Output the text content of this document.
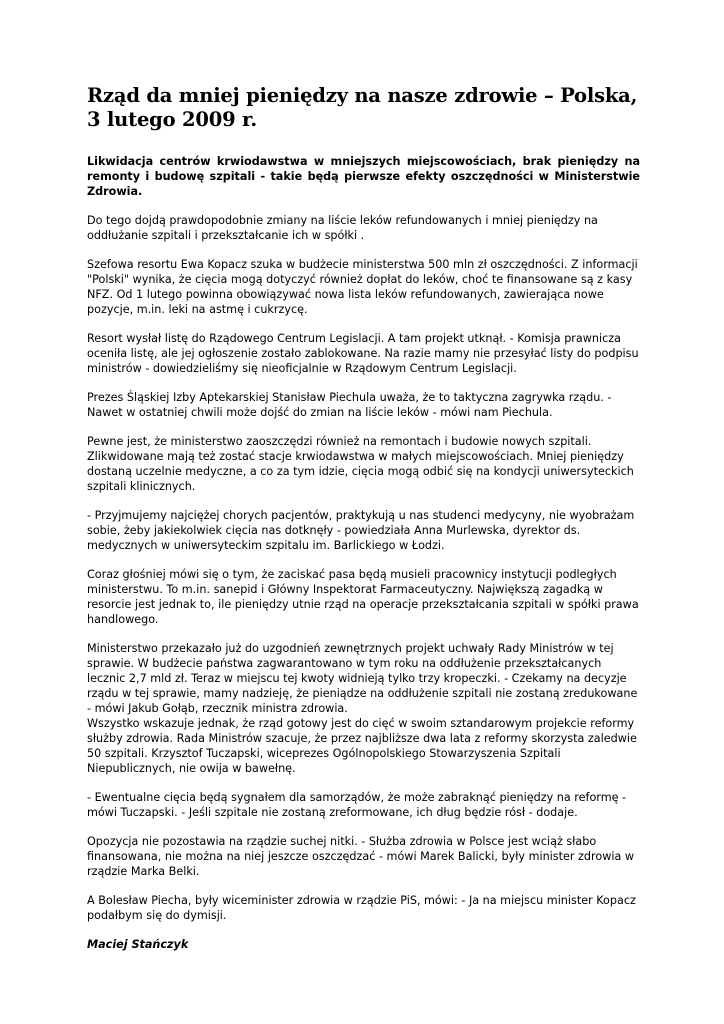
Rząd da mniej pieniędzy na nasze zdrowie – Polska,
3 lutego 2009 r.

Likwidacja centrów krwiodawstwa w mniejszych miejscowościach, brak pieniędzy na remonty i budowę szpitali - takie będą pierwsze efekty oszczędności w Ministerstwie Zdrowia.

Do tego dojdą prawdopodobnie zmiany na liście leków refundowanych i mniej pieniędzy na oddłużanie szpitali i przekształcanie ich w spółki .

Szefowa resortu Ewa Kopacz szuka w budżecie ministerstwa 500 mln zł oszczędności. Z informacji "Polski" wynika, że cięcia mogą dotyczyć również dopłat do leków, choć te finansowane są z kasy NFZ. Od 1 lutego powinna obowiązywać nowa lista leków refundowanych, zawierająca nowe pozycje, m.in. leki na astmę i cukrzycę.

Resort wysłał listę do Rządowego Centrum Legislacji. A tam projekt utknął. - Komisja prawnicza oceniła listę, ale jej ogłoszenie zostało zablokowane. Na razie mamy nie przesyłać listy do podpisu ministrów - dowiedzieliśmy się nieoficjalnie w Rządowym Centrum Legislacji.

Prezes Śląskiej Izby Aptekarskiej Stanisław Piechula uważa, że to taktyczna zagrywka rządu. - Nawet w ostatniej chwili może dojść do zmian na liście leków - mówi nam Piechula.

Pewne jest, że ministerstwo zaoszczędzi również na remontach i budowie nowych szpitali. Zlikwidowane mają też zostać stacje krwiodawstwa w małych miejscowościach. Mniej pieniędzy dostaną uczelnie medyczne, a co za tym idzie, cięcia mogą odbić się na kondycji uniwersyteckich szpitali klinicznych.

- Przyjmujemy najciężej chorych pacjentów, praktykują u nas studenci medycyny, nie wyobrażam sobie, żeby jakiekolwiek cięcia nas dotknęły - powiedziała Anna Murlewska, dyrektor ds. medycznych w uniwersyteckim szpitalu im. Barlickiego w Łodzi.

Coraz głośniej mówi się o tym, że zaciskać pasa będą musieli pracownicy instytucji podległych ministerstwu. To m.in. sanepid i Główny Inspektorat Farmaceutyczny. Największą zagadką w resorcie jest jednak to, ile pieniędzy utnie rząd na operacje przekształcania szpitali w spółki prawa handlowego.

Ministerstwo przekazało już do uzgodnień zewnętrznych projekt uchwały Rady Ministrów w tej sprawie. W budżecie państwa zagwarantowano w tym roku na oddłużenie przekształcanych lecznic 2,7 mld zł. Teraz w miejscu tej kwoty widnieją tylko trzy kropeczki. - Czekamy na decyzje rządu w tej sprawie, mamy nadzieję, że pieniądze na oddłużenie szpitali nie zostaną zredukowane - mówi Jakub Gołąb, rzecznik ministra zdrowia.

Wszystko wskazuje jednak, że rząd gotowy jest do cięć w swoim sztandarowym projekcie reformy służby zdrowia. Rada Ministrów szacuje, że przez najbliższe dwa lata z reformy skorzysta zaledwie 50 szpitali. Krzysztof Tuczapski, wiceprezes Ogólnopolskiego Stowarzyszenia Szpitali Niepublicznych, nie owija w bawełnę.

- Ewentualne cięcia będą sygnałem dla samorządów, że może zabraknąć pieniędzy na reformę - mówi Tuczapski. - Jeśli szpitale nie zostaną zreformowane, ich dług będzie rósł - dodaje.

Opozycja nie pozostawia na rządzie suchej nitki. - Służba zdrowia w Polsce jest wciąż słabo finansowana, nie można na niej jeszcze oszczędzać - mówi Marek Balicki, były minister zdrowia w rządzie Marka Belki.

A Bolesław Piecha, były wiceminister zdrowia w rządzie PiS, mówi: - Ja na miejscu minister Kopacz podałbym się do dymisji.

Maciej Stańczyk
